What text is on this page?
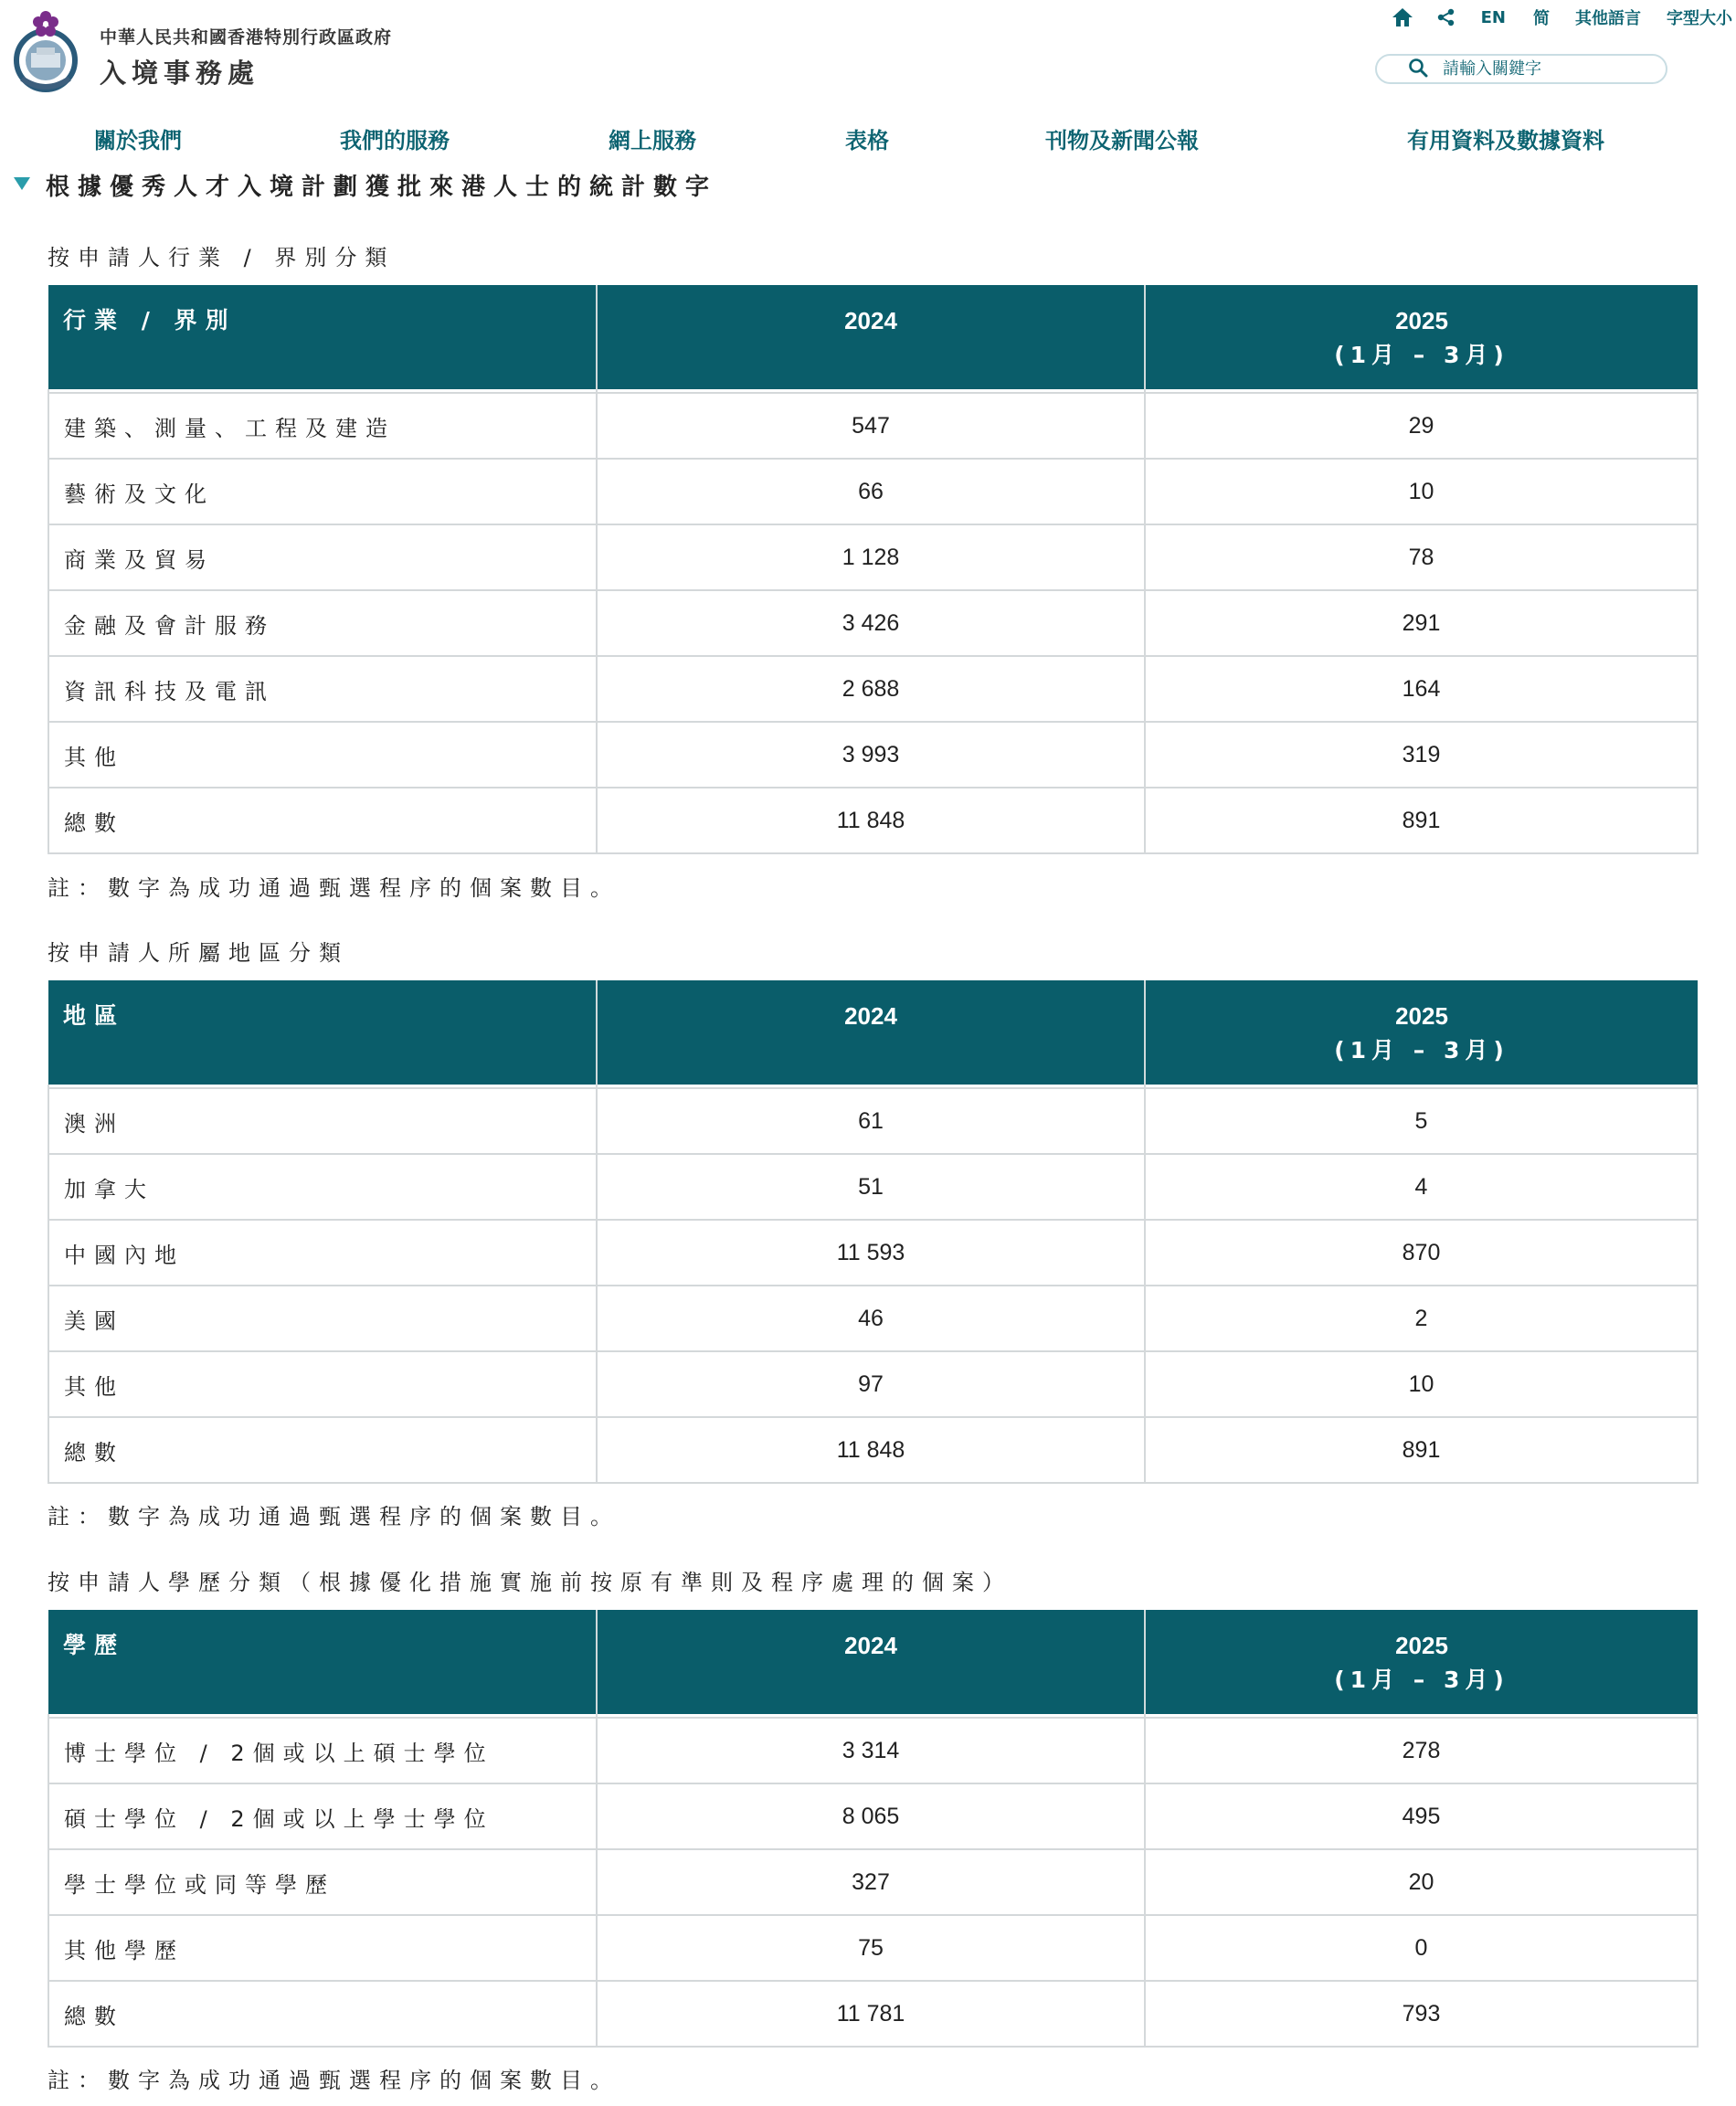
中華人民共和國香港特別行政區政府
入境事務處
EN 简 其他語言 字型大小
請輸入關鍵字
關於我們	我們的服務	網上服務	表格	刊物及新聞公報	有用資料及數據資料
根據優秀人才入境計劃獲批來港人士的統計數字
按申請人行業 / 界別分類
行業 / 界別	2024	2025
(1月 – 3月)

建築、測量、工程及建造	547	29
藝術及文化	66	10
商業及貿易	1 128	78
金融及會計服務	3 426	291
資訊科技及電訊	2 688	164
其他	3 993	319
總數	11 848	891
註：數字為成功通過甄選程序的個案數目。
按申請人所屬地區分類
地區	2024	2025
(1月 – 3月)

澳洲	61	5
加拿大	51	4
中國內地	11 593	870
美國	46	2
其他	97	10
總數	11 848	891
註：數字為成功通過甄選程序的個案數目。
按申請人學歷分類（根據優化措施實施前按原有準則及程序處理的個案）
學歷	2024	2025
(1月 – 3月)

博士學位 / 2個或以上碩士學位	3 314	278
碩士學位 / 2個或以上學士學位	8 065	495
學士學位或同等學歷	327	20
其他學歷	75	0
總數	11 781	793
註：數字為成功通過甄選程序的個案數目。
